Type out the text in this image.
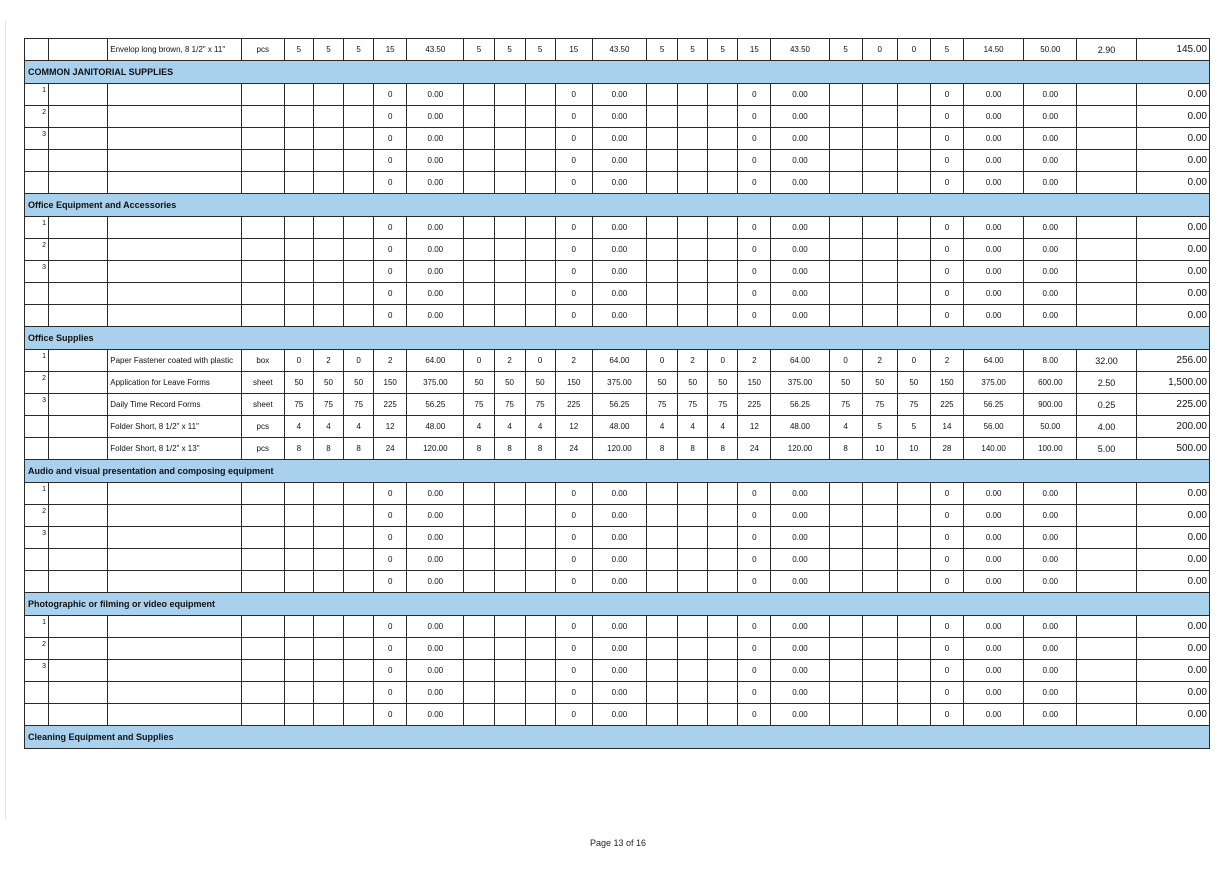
		Envelop long brown, 8 1/2" x 11"	pcs	5	5	5	15	43.50	5	5	5	15	43.50	5	5	5	15	43.50	5	0	0	5	14.50	50.00	2.90	145.00
COMMON JANITORIAL SUPPLIES																										
1							0	0.00				0	0.00				0	0.00				0	0.00	0.00		0.00
2							0	0.00				0	0.00				0	0.00				0	0.00	0.00		0.00
3							0	0.00				0	0.00				0	0.00				0	0.00	0.00		0.00
							0	0.00				0	0.00				0	0.00				0	0.00	0.00		0.00
							0	0.00				0	0.00				0	0.00				0	0.00	0.00		0.00
Office Equipment and Accessories																										
1							0	0.00				0	0.00				0	0.00				0	0.00	0.00		0.00
2							0	0.00				0	0.00				0	0.00				0	0.00	0.00		0.00
3							0	0.00				0	0.00				0	0.00				0	0.00	0.00		0.00
							0	0.00				0	0.00				0	0.00				0	0.00	0.00		0.00
							0	0.00				0	0.00				0	0.00				0	0.00	0.00		0.00
Office Supplies																										
1		Paper Fastener coated with plastic	box	0	2	0	2	64.00	0	2	0	2	64.00	0	2	0	2	64.00	0	2	0	2	64.00	8.00	32.00	256.00
2		Application for Leave Forms	sheet	50	50	50	150	375.00	50	50	50	150	375.00	50	50	50	150	375.00	50	50	50	150	375.00	600.00	2.50	1,500.00
3		Daily Time Record Forms	sheet	75	75	75	225	56.25	75	75	75	225	56.25	75	75	75	225	56.25	75	75	75	225	56.25	900.00	0.25	225.00
		Folder Short, 8 1/2" x 11"	pcs	4	4	4	12	48.00	4	4	4	12	48.00	4	4	4	12	48.00	4	5	5	14	56.00	50.00	4.00	200.00
		Folder Short, 8 1/2" x 13"	pcs	8	8	8	24	120.00	8	8	8	24	120.00	8	8	8	24	120.00	8	10	10	28	140.00	100.00	5.00	500.00
Audio and visual presentation and composing equipment																										
1							0	0.00				0	0.00				0	0.00				0	0.00	0.00		0.00
2							0	0.00				0	0.00				0	0.00				0	0.00	0.00		0.00
3							0	0.00				0	0.00				0	0.00				0	0.00	0.00		0.00
							0	0.00				0	0.00				0	0.00				0	0.00	0.00		0.00
							0	0.00				0	0.00				0	0.00				0	0.00	0.00		0.00
Photographic or filming or video equipment																										
1							0	0.00				0	0.00				0	0.00				0	0.00	0.00		0.00
2							0	0.00				0	0.00				0	0.00				0	0.00	0.00		0.00
3							0	0.00				0	0.00				0	0.00				0	0.00	0.00		0.00
							0	0.00				0	0.00				0	0.00				0	0.00	0.00		0.00
							0	0.00				0	0.00				0	0.00				0	0.00	0.00		0.00
Cleaning Equipment and Supplies																										
Page 13 of 16
